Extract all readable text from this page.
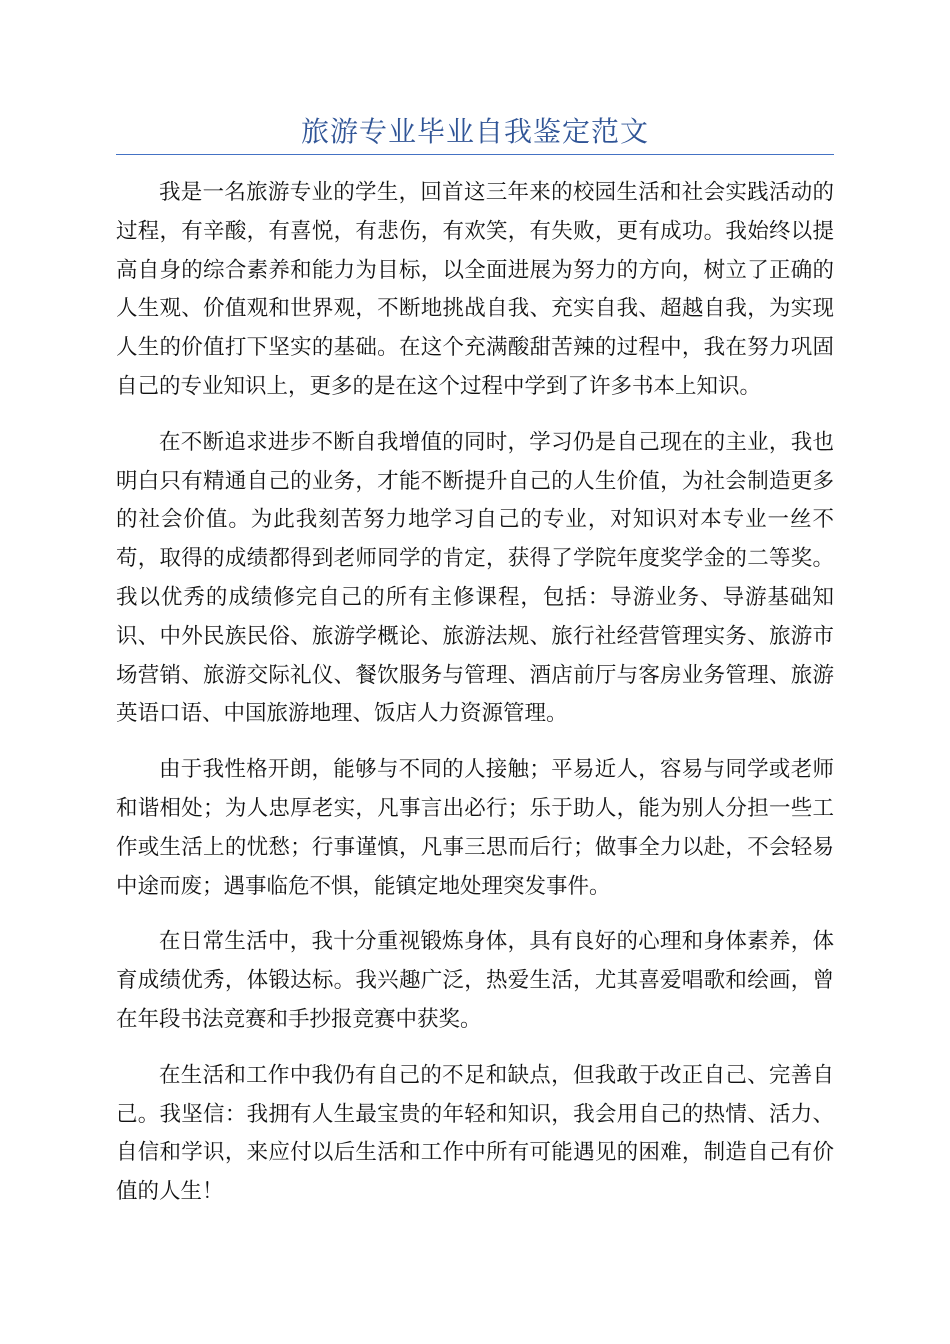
旅游专业毕业自我鉴定范文

我是一名旅游专业的学生，回首这三年来的校园生活和社会实践活动的过程，有辛酸，有喜悦，有悲伤，有欢笑，有失败，更有成功。我始终以提高自身的综合素养和能力为目标，以全面进展为努力的方向，树立了正确的人生观、价值观和世界观，不断地挑战自我、充实自我、超越自我，为实现人生的价值打下坚实的基础。在这个充满酸甜苦辣的过程中，我在努力巩固自己的专业知识上，更多的是在这个过程中学到了许多书本上知识。

在不断追求进步不断自我增值的同时，学习仍是自己现在的主业，我也明白只有精通自己的业务，才能不断提升自己的人生价值，为社会制造更多的社会价值。为此我刻苦努力地学习自己的专业，对知识对本专业一丝不苟，取得的成绩都得到老师同学的肯定，获得了学院年度奖学金的二等奖。我以优秀的成绩修完自己的所有主修课程，包括：导游业务、导游基础知识、中外民族民俗、旅游学概论、旅游法规、旅行社经营管理实务、旅游市场营销、旅游交际礼仪、餐饮服务与管理、酒店前厅与客房业务管理、旅游英语口语、中国旅游地理、饭店人力资源管理。

由于我性格开朗，能够与不同的人接触；平易近人，容易与同学或老师和谐相处；为人忠厚老实，凡事言出必行；乐于助人，能为别人分担一些工作或生活上的忧愁；行事谨慎，凡事三思而后行；做事全力以赴，不会轻易中途而废；遇事临危不惧，能镇定地处理突发事件。

在日常生活中，我十分重视锻炼身体，具有良好的心理和身体素养，体育成绩优秀，体锻达标。我兴趣广泛，热爱生活，尤其喜爱唱歌和绘画，曾在年段书法竞赛和手抄报竞赛中获奖。

在生活和工作中我仍有自己的不足和缺点，但我敢于改正自己、完善自己。我坚信：我拥有人生最宝贵的年轻和知识，我会用自己的热情、活力、自信和学识，来应付以后生活和工作中所有可能遇见的困难，制造自己有价值的人生！
